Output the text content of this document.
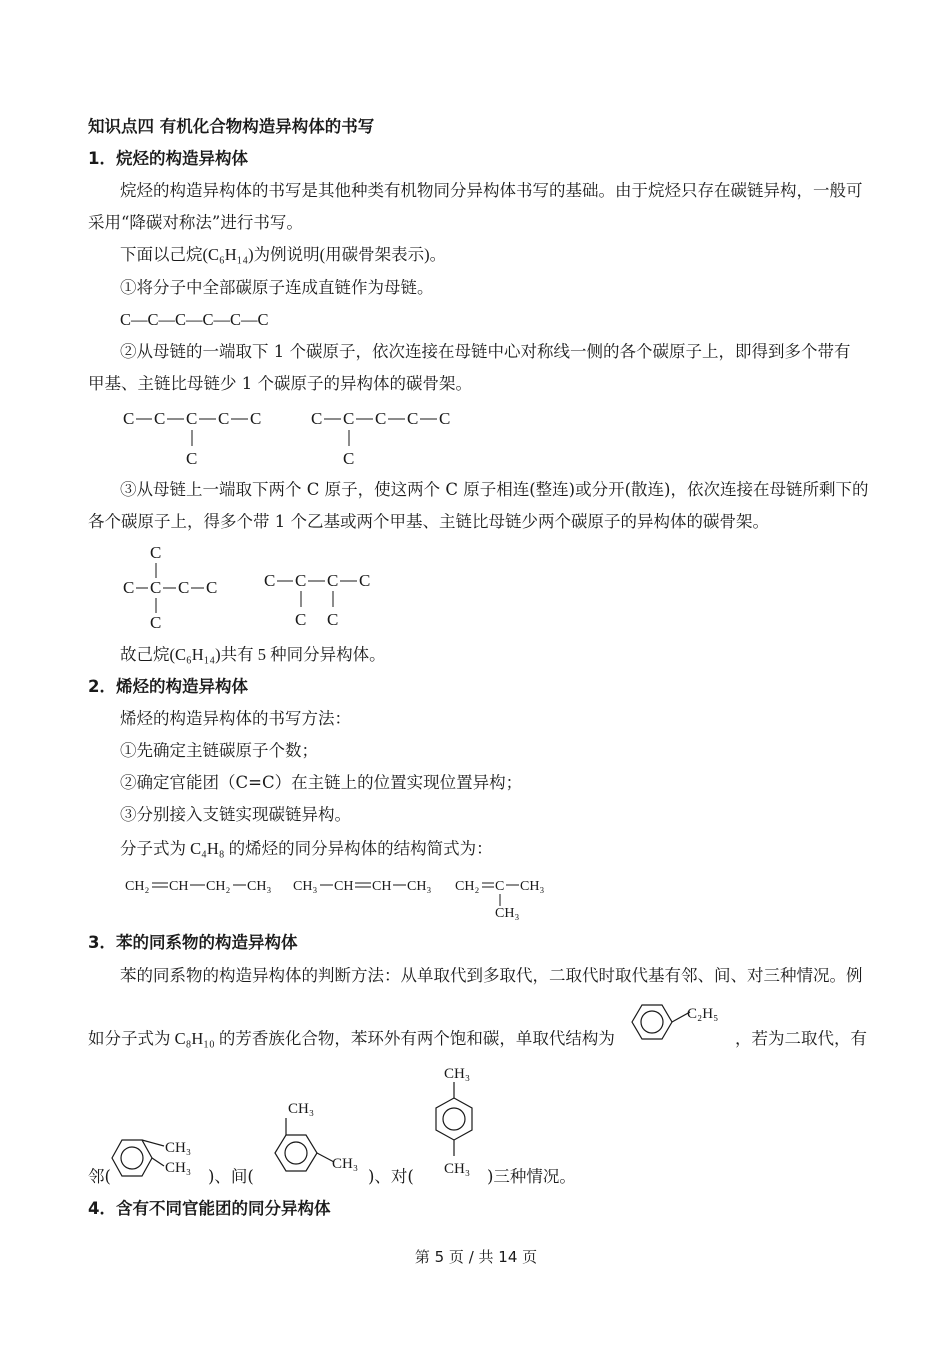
知识点四 有机化合物构造异构体的书写
1．烷烃的构造异构体
烷烃的构造异构体的书写是其他种类有机物同分异构体书写的基础。由于烷烃只存在碳链异构，一般可
采用“降碳对称法”进行书写。
下面以己烷(C₆H₁₄)为例说明(用碳骨架表示)。
①将分子中全部碳原子连成直链作为母链。
C—C—C—C—C—C
②从母链的一端取下 1 个碳原子，依次连接在母链中心对称线一侧的各个碳原子上，即得到多个带有
甲基、主链比母链少 1 个碳原子的异构体的碳骨架。
C C C C C
C
C C C C C
C
C
C C C C
C
C C C C
C C
③从母链上一端取下两个 C 原子，使这两个 C 原子相连(整连)或分开(散连)，依次连接在母链所剩下的
各个碳原子上，得多个带 1 个乙基或两个甲基、主链比母链少两个碳原子的异构体的碳骨架。
故己烷(C₆H₁₄)共有 5 种同分异构体。
2．烯烃的构造异构体
烯烃的构造异构体的书写方法：
①先确定主链碳原子个数；
②确定官能团（C=C）在主链上的位置实现位置异构；
③分别接入支链实现碳链异构。
分子式为 C₄H₈ 的烯烃的同分异构体的结构简式为：
CH₂ CH CH₂ CH₃ CH₃ CH CH CH₃ CH₂ C CH₃
CH₃
3．苯的同系物的构造异构体
苯的同系物的构造异构体的判断方法：从单取代到多取代，二取代时取代基有邻、间、对三种情况。例
如分子式为 C₈H₁₀ 的芳香族化合物，苯环外有两个饱和碳，单取代结构为	，若为二取代，有
C₂H₅
CH₃
CH₃
CH₃
CH₃
CH₃
CH₃
邻(	)、间(	)、对(	)三种情况。
4．含有不同官能团的同分异构体
第 5 页 / 共 14 页
